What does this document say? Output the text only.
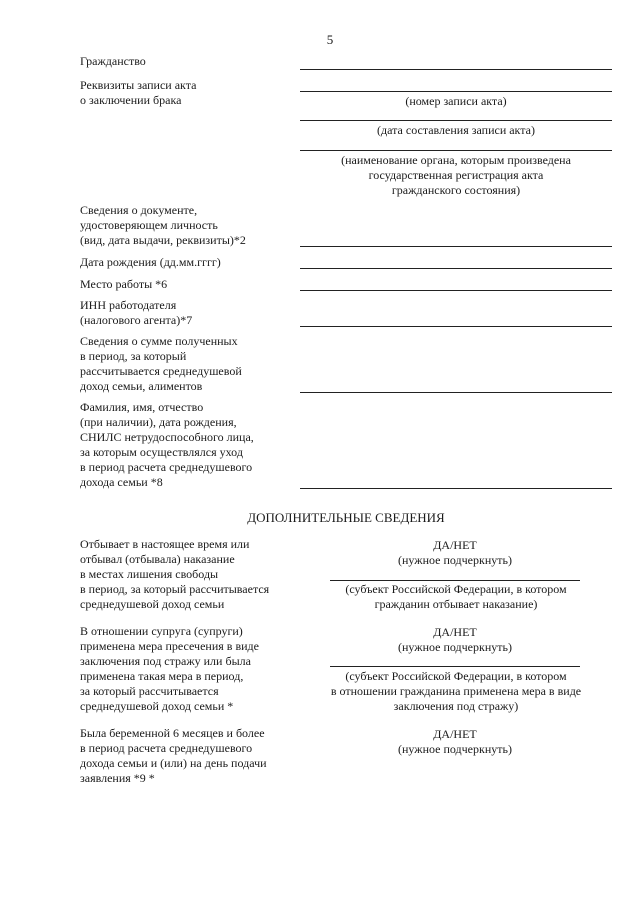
5
Гражданство
Реквизиты записи акта
о заключении брака	(номер записи акта)
(дата составления записи акта)
(наименование органа, которым произведена
государственная регистрация акта
гражданского состояния)
Сведения о документе,
удостоверяющем личность
(вид, дата выдачи, реквизиты)*2
Дата рождения (дд.мм.гггг)
Место работы *6
ИНН работодателя
(налогового агента)*7
Сведения о сумме полученных
в период, за который
рассчитывается среднедушевой
доход семьи, алиментов
Фамилия, имя, отчество
(при наличии), дата рождения,
СНИЛС нетрудоспособного лица,
за которым осуществлялся уход
в период расчета среднедушевого
дохода семьи *8
ДОПОЛНИТЕЛЬНЫЕ СВЕДЕНИЯ
Отбывает в настоящее время или
отбывал (отбывала) наказание
в местах лишения свободы
в период, за который рассчитывается
среднедушевой доход семьи
ДА/НЕТ
(нужное подчеркнуть)
(субъект Российской Федерации, в котором
гражданин отбывает наказание)
В отношении супруга (супруги)
применена мера пресечения в виде
заключения под стражу или была
применена такая мера в период,
за который рассчитывается
среднедушевой доход семьи *
ДА/НЕТ
(нужное подчеркнуть)
(субъект Российской Федерации, в котором
в отношении гражданина применена мера в виде
заключения под стражу)
Была беременной 6 месяцев и более
в период расчета среднедушевого
дохода семьи и (или) на день подачи
заявления *9 *
ДА/НЕТ
(нужное подчеркнуть)
